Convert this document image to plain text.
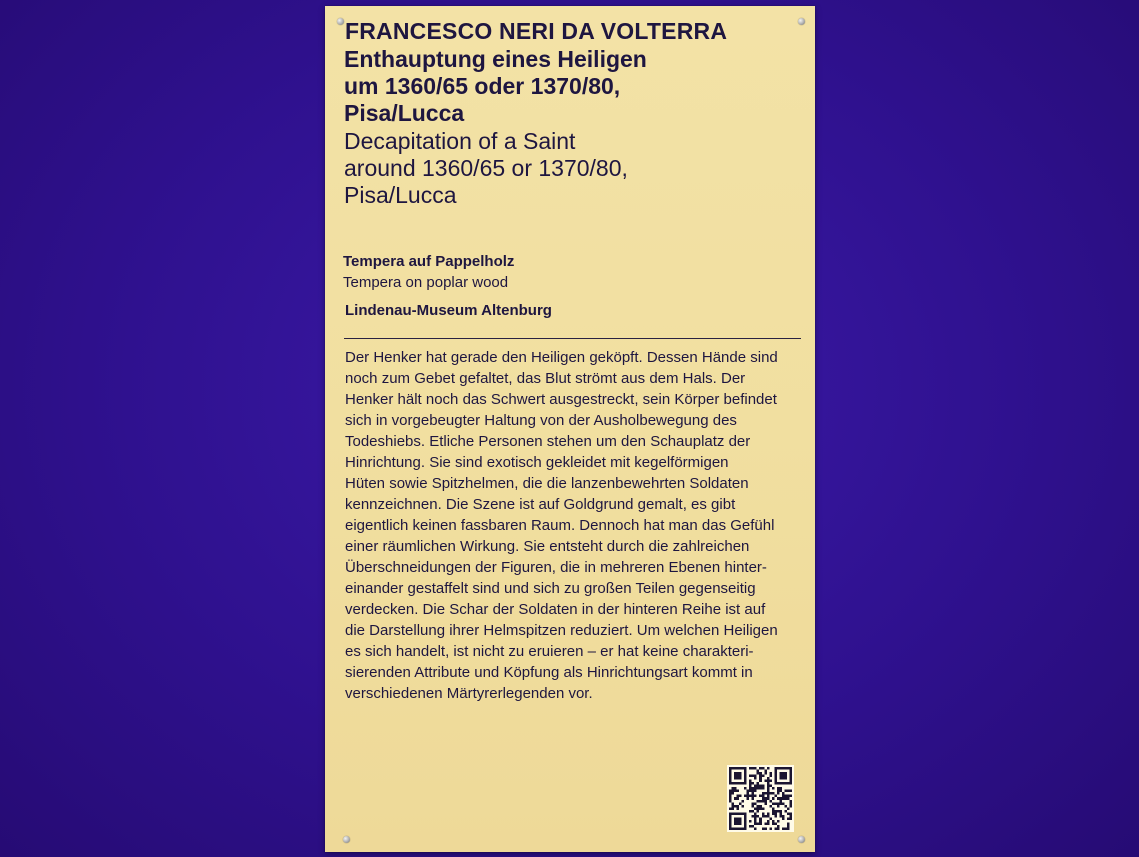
FRANCESCO NERI DA VOLTERRA
Enthauptung eines Heiligen
um 1360/65 oder 1370/80,
Pisa/Lucca
Decapitation of a Saint
around 1360/65 or 1370/80,
Pisa/Lucca
Tempera auf Pappelholz
Tempera on poplar wood
Lindenau-Museum Altenburg
Der Henker hat gerade den Heiligen geköpft. Dessen Hände sind
noch zum Gebet gefaltet, das Blut strömt aus dem Hals. Der
Henker hält noch das Schwert ausgestreckt, sein Körper befindet
sich in vorgebeugter Haltung von der Ausholbewegung des
Todeshiebs. Etliche Personen stehen um den Schauplatz der
Hinrichtung. Sie sind exotisch gekleidet mit kegelförmigen
Hüten sowie Spitzhelmen, die die lanzenbewehrten Soldaten
kennzeichnen. Die Szene ist auf Goldgrund gemalt, es gibt
eigentlich keinen fassbaren Raum. Dennoch hat man das Gefühl
einer räumlichen Wirkung. Sie entsteht durch die zahlreichen
Überschneidungen der Figuren, die in mehreren Ebenen hinter-
einander gestaffelt sind und sich zu großen Teilen gegenseitig
verdecken. Die Schar der Soldaten in der hinteren Reihe ist auf
die Darstellung ihrer Helmspitzen reduziert. Um welchen Heiligen
es sich handelt, ist nicht zu eruieren – er hat keine charakteri-
sierenden Attribute und Köpfung als Hinrichtungsart kommt in
verschiedenen Märtyrerlegenden vor.
